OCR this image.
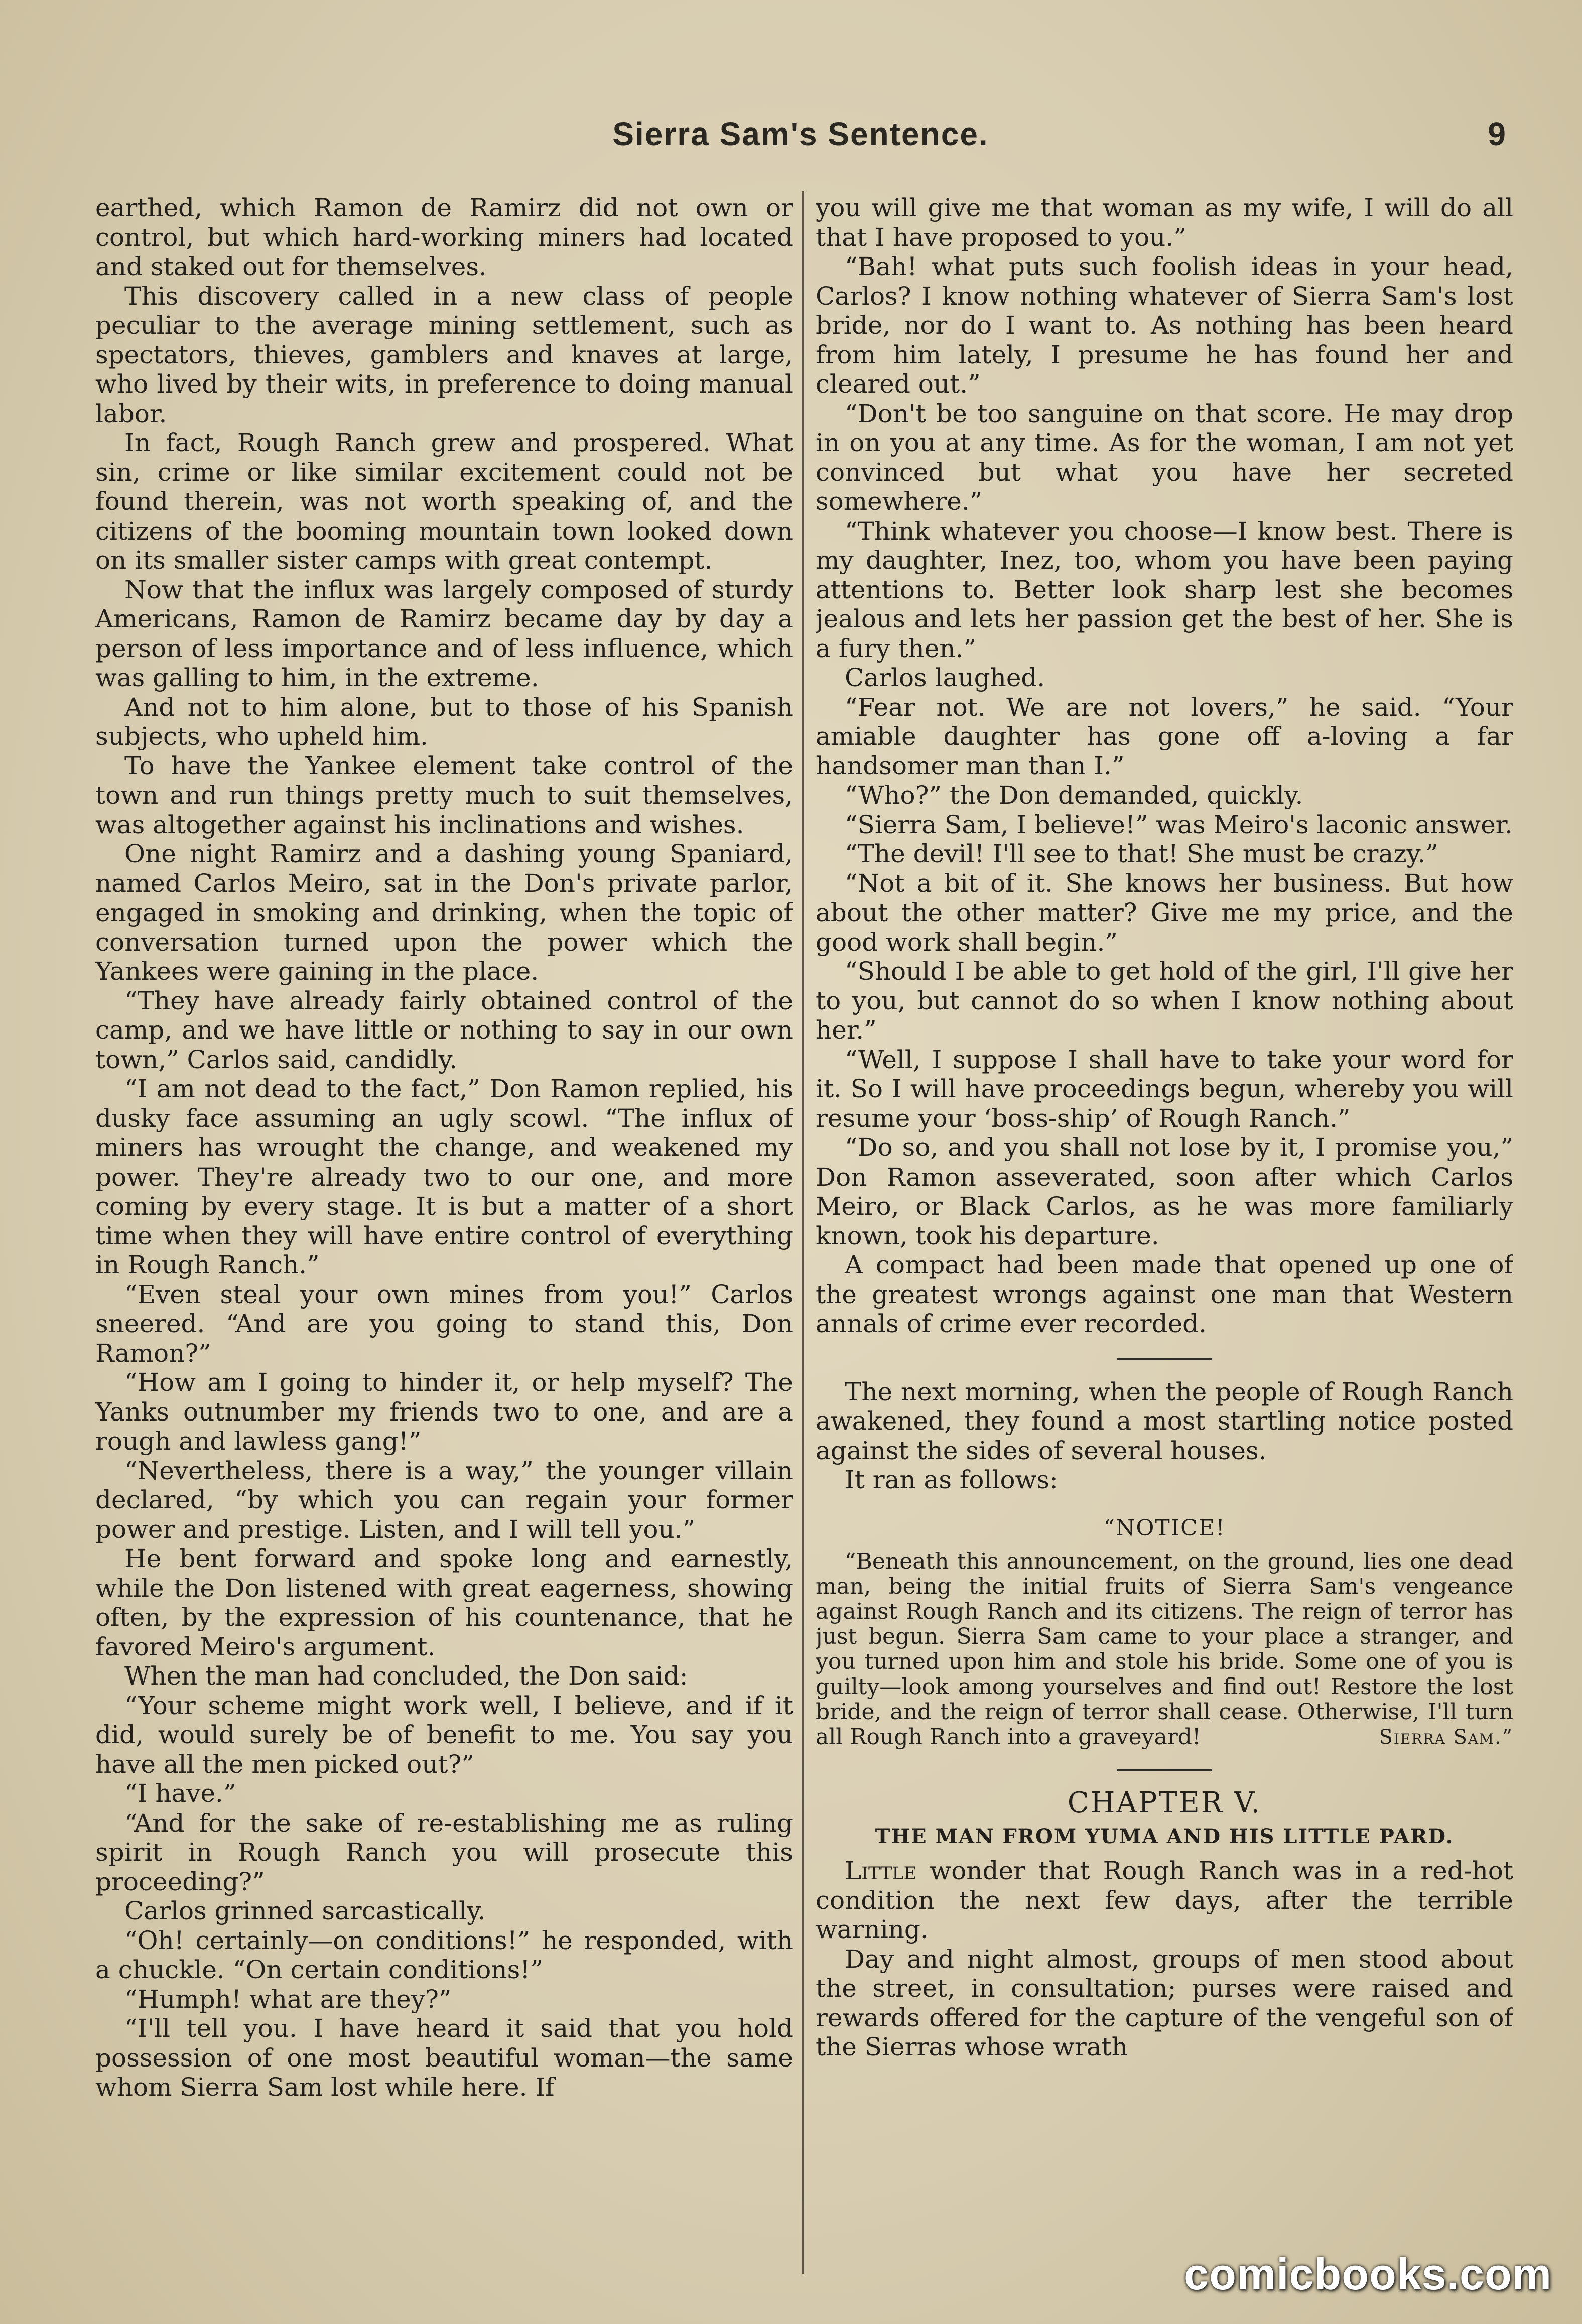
Sierra Sam's Sentence.	9

earthed, which Ramon de Ramirz did not own or control, but which hard-working miners had located and staked out for themselves.

This discovery called in a new class of people peculiar to the average mining settlement, such as spectators, thieves, gamblers and knaves at large, who lived by their wits, in preference to doing manual labor.

In fact, Rough Ranch grew and prospered. What sin, crime or like similar excitement could not be found therein, was not worth speaking of, and the citizens of the booming mountain town looked down on its smaller sister camps with great contempt.

Now that the influx was largely composed of sturdy Americans, Ramon de Ramirz became day by day a person of less importance and of less influence, which was galling to him, in the extreme.

And not to him alone, but to those of his Spanish subjects, who upheld him.

To have the Yankee element take control of the town and run things pretty much to suit themselves, was altogether against his inclinations and wishes.

One night Ramirz and a dashing young Spaniard, named Carlos Meiro, sat in the Don's private parlor, engaged in smoking and drinking, when the topic of conversation turned upon the power which the Yankees were gaining in the place.

“They have already fairly obtained control of the camp, and we have little or nothing to say in our own town,” Carlos said, candidly.

“I am not dead to the fact,” Don Ramon replied, his dusky face assuming an ugly scowl. “The influx of miners has wrought the change, and weakened my power. They're already two to our one, and more coming by every stage. It is but a matter of a short time when they will have entire control of everything in Rough Ranch.”

“Even steal your own mines from you!” Carlos sneered. “And are you going to stand this, Don Ramon?”

“How am I going to hinder it, or help myself? The Yanks outnumber my friends two to one, and are a rough and lawless gang!”

“Nevertheless, there is a way,” the younger villain declared, “by which you can regain your former power and prestige. Listen, and I will tell you.”

He bent forward and spoke long and earnestly, while the Don listened with great eagerness, showing often, by the expression of his countenance, that he favored Meiro's argument.

When the man had concluded, the Don said:

“Your scheme might work well, I believe, and if it did, would surely be of benefit to me. You say you have all the men picked out?”

“I have.”

“And for the sake of re-establishing me as ruling spirit in Rough Ranch you will prosecute this proceeding?”

Carlos grinned sarcastically.

“Oh! certainly—on conditions!” he responded, with a chuckle. “On certain conditions!”

“Humph! what are they?”

“I'll tell you. I have heard it said that you hold possession of one most beautiful woman—the same whom Sierra Sam lost while here. If

you will give me that woman as my wife, I will do all that I have proposed to you.”

“Bah! what puts such foolish ideas in your head, Carlos? I know nothing whatever of Sierra Sam's lost bride, nor do I want to. As nothing has been heard from him lately, I presume he has found her and cleared out.”

“Don't be too sanguine on that score. He may drop in on you at any time. As for the woman, I am not yet convinced but what you have her secreted somewhere.”

“Think whatever you choose—I know best. There is my daughter, Inez, too, whom you have been paying attentions to. Better look sharp lest she becomes jealous and lets her passion get the best of her. She is a fury then.”

Carlos laughed.

“Fear not. We are not lovers,” he said. “Your amiable daughter has gone off a-loving a far handsomer man than I.”

“Who?” the Don demanded, quickly.

“Sierra Sam, I believe!” was Meiro's laconic answer.

“The devil! I'll see to that! She must be crazy.”

“Not a bit of it. She knows her business. But how about the other matter? Give me my price, and the good work shall begin.”

“Should I be able to get hold of the girl, I'll give her to you, but cannot do so when I know nothing about her.”

“Well, I suppose I shall have to take your word for it. So I will have proceedings begun, whereby you will resume your ‘boss-ship’ of Rough Ranch.”

“Do so, and you shall not lose by it, I promise you,” Don Ramon asseverated, soon after which Carlos Meiro, or Black Carlos, as he was more familiarly known, took his departure.

A compact had been made that opened up one of the greatest wrongs against one man that Western annals of crime ever recorded.

The next morning, when the people of Rough Ranch awakened, they found a most startling notice posted against the sides of several houses.

It ran as follows:

“NOTICE!

“Beneath this announcement, on the ground, lies one dead man, being the initial fruits of Sierra Sam's vengeance against Rough Ranch and its citizens. The reign of terror has just begun. Sierra Sam came to your place a stranger, and you turned upon him and stole his bride. Some one of you is guilty—look among yourselves and find out! Restore the lost bride, and the reign of terror shall cease. Otherwise, I'll turn all Rough Ranch into a graveyard!	Sierra Sam.”

CHAPTER V.
THE MAN FROM YUMA AND HIS LITTLE PARD.

Little wonder that Rough Ranch was in a red-hot condition the next few days, after the terrible warning.

Day and night almost, groups of men stood about the street, in consultation; purses were raised and rewards offered for the capture of the vengeful son of the Sierras whose wrath

comicbooks.com
